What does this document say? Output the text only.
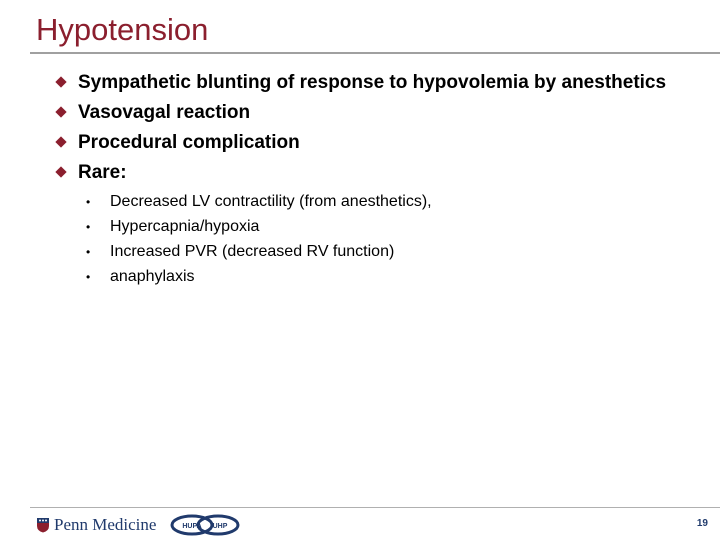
Hypotension
Sympathetic blunting of response to hypovolemia by anesthetics
Vasovagal reaction
Procedural complication
Rare:
• Decreased LV contractility (from anesthetics),
• Hypercapnia/hypoxia
• Increased PVR (decreased RV function)
• anaphylaxis
Penn Medicine	HUPA UHP	19
